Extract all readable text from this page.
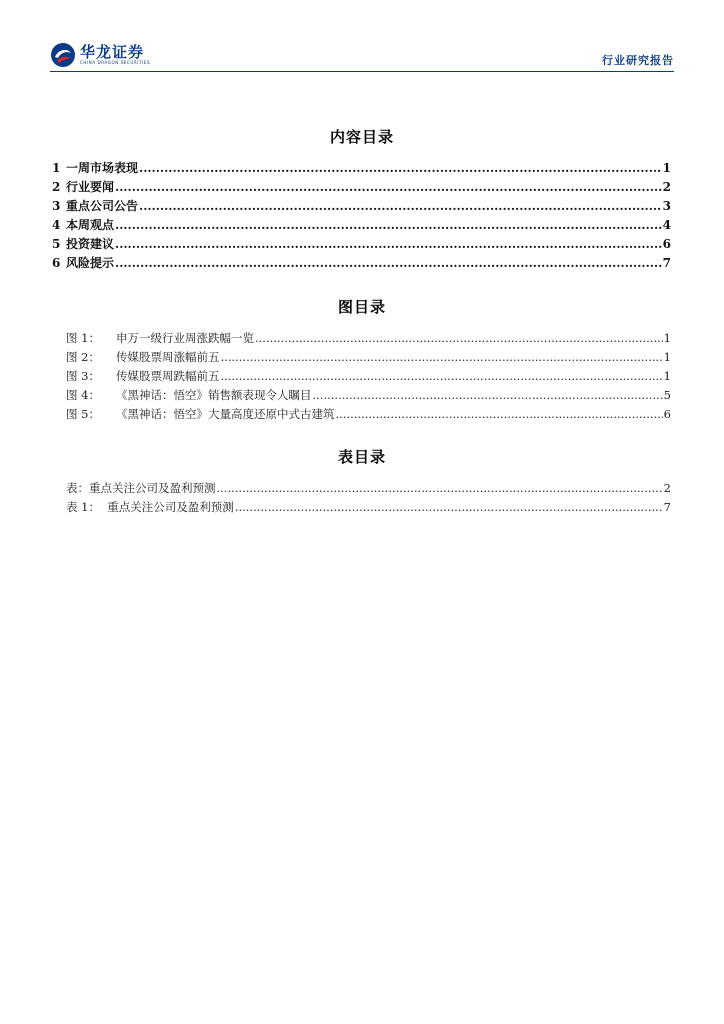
华龙证券
CHINA DRAGON SECURITIES	行业研究报告
内容目录
1 一周市场表现 .....	1
2 行业要闻 .....	2
3 重点公司公告 .....	3
4 本周观点 .....	4
5 投资建议 .....	6
6 风险提示 .....	7
图目录
图 1： 申万一级行业周涨跌幅一览 .....	1
图 2： 传媒股票周涨幅前五 .....	1
图 3： 传媒股票周跌幅前五 .....	1
图 4： 《黑神话：悟空》销售额表现令人瞩目 .....	5
图 5： 《黑神话：悟空》大量高度还原中式古建筑 .....	6
表目录
表：重点关注公司及盈利预测 .....	2
表 1：  重点关注公司及盈利预测 .....	7
